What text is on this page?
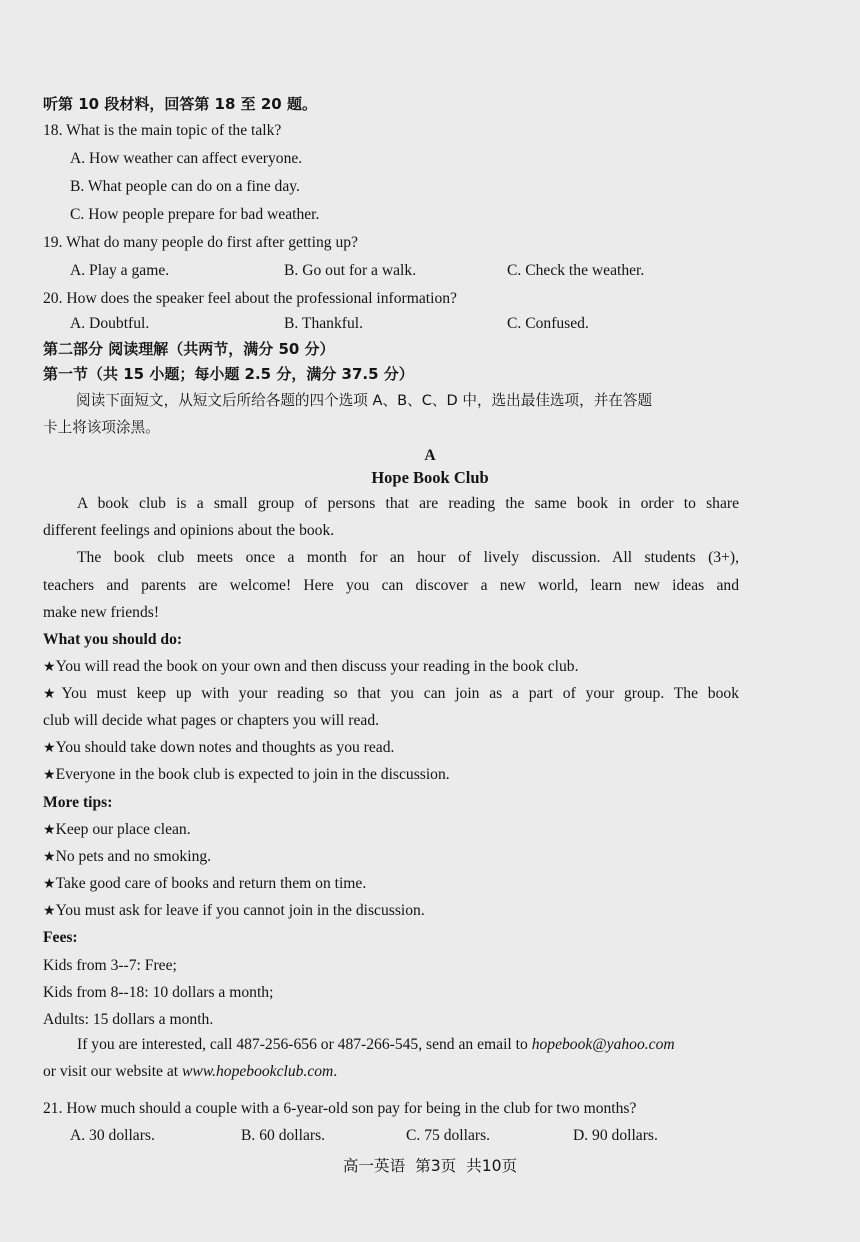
听第 10 段材料，回答第 18 至 20 题。
18. What is the main topic of the talk?
A. How weather can affect everyone.
B. What people can do on a fine day.
C. How people prepare for bad weather.
19. What do many people do first after getting up?
A. Play a game.	B. Go out for a walk.	C. Check the weather.
20. How does the speaker feel about the professional information?
A. Doubtful.	B. Thankful.	C. Confused.
第二部分 阅读理解（共两节，满分 50 分）
第一节（共 15 小题；每小题 2.5 分，满分 37.5 分）
阅读下面短文，从短文后所给各题的四个选项 A、B、C、D 中，选出最佳选项，并在答题
卡上将该项涂黑。
A
Hope Book Club
A book club is a small group of persons that are reading the same book in order to share
different feelings and opinions about the book.
The book club meets once a month for an hour of lively discussion. All students (3+),
teachers and parents are welcome! Here you can discover a new world, learn new ideas and
make new friends!
What you should do:
★You will read the book on your own and then discuss your reading in the book club.
★You must keep up with your reading so that you can join as a part of your group. The book
club will decide what pages or chapters you will read.
★You should take down notes and thoughts as you read.
★Everyone in the book club is expected to join in the discussion.
More tips:
★Keep our place clean.
★No pets and no smoking.
★Take good care of books and return them on time.
★You must ask for leave if you cannot join in the discussion.
Fees:
Kids from 3--7: Free;
Kids from 8--18: 10 dollars a month;
Adults: 15 dollars a month.
If you are interested, call 487-256-656 or 487-266-545, send an email to hopebook@yahoo.com
or visit our website at www.hopebookclub.com.
21. How much should a couple with a 6-year-old son pay for being in the club for two months?
A. 30 dollars.	B. 60 dollars.	C. 75 dollars.	D. 90 dollars.
高一英语  第3页  共10页
